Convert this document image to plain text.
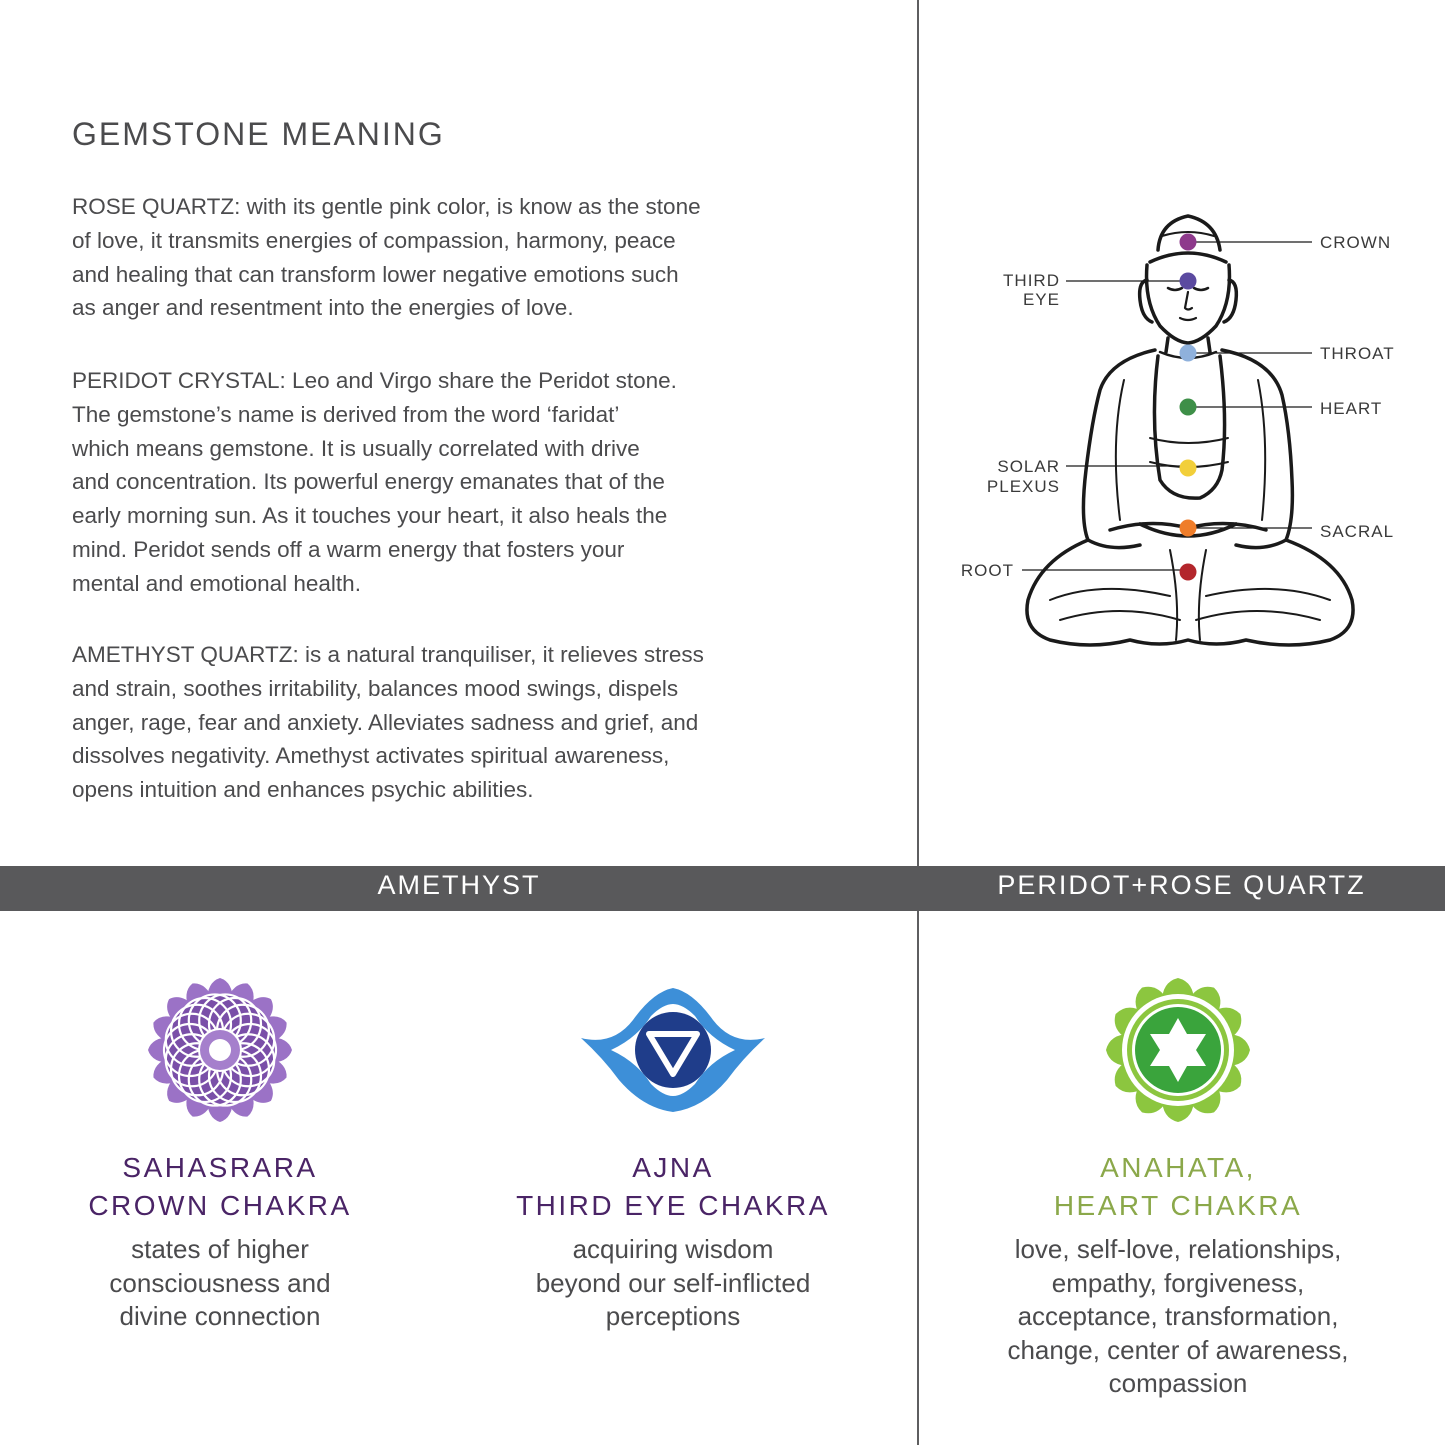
GEMSTONE MEANING

ROSE QUARTZ: with its gentle pink color, is know as the stone
of love, it transmits energies of compassion, harmony, peace
and healing that can transform lower negative emotions such
as anger and resentment into the energies of love.

PERIDOT CRYSTAL: Leo and Virgo share the Peridot stone.
The gemstone’s name is derived from the word ‘faridat’
which means gemstone. It is usually correlated with drive
and concentration. Its powerful energy emanates that of the
early morning sun. As it touches your heart, it also heals the
mind. Peridot sends off a warm energy that fosters your
mental and emotional health.

AMETHYST QUARTZ: is a natural tranquiliser, it relieves stress
and strain, soothes irritability, balances mood swings, dispels
anger, rage, fear and anxiety. Alleviates sadness and grief, and
dissolves negativity. Amethyst activates spiritual awareness,
opens intuition and enhances psychic abilities.

CROWN
THIRD
EYE
THROAT
HEART
SOLAR
PLEXUS
SACRAL
ROOT
AMETHYST	PERIDOT+ROSE QUARTZ
SAHASRARA
CROWN CHAKRA
states of higher
consciousness and
divine connection
AJNA
THIRD EYE CHAKRA
acquiring wisdom
beyond our self-inflicted
perceptions
ANAHATA,
HEART CHAKRA
love, self-love, relationships,
empathy, forgiveness,
acceptance, transformation,
change, center of awareness,
compassion
